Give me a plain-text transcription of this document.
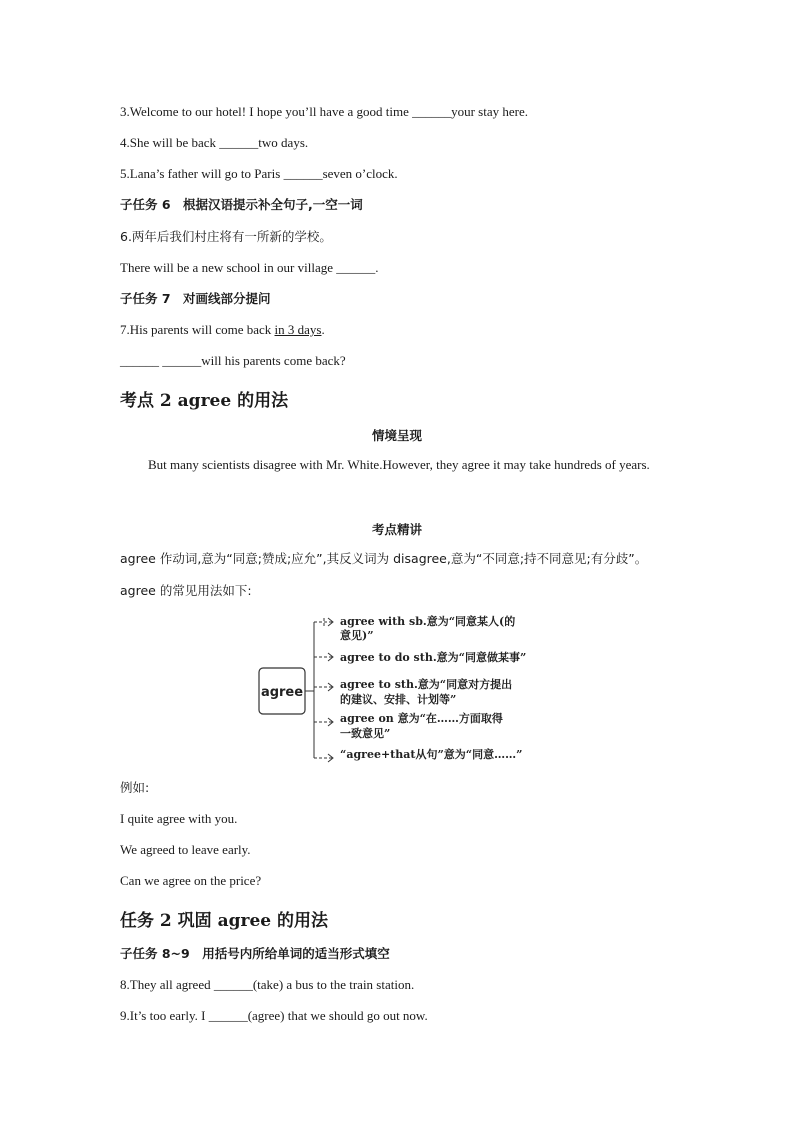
3.Welcome to our hotel! I hope you’ll have a good time ______your stay here.
4.She will be back ______two days.
5.Lana’s father will go to Paris ______seven o’clock.
子任务 6　根据汉语提示补全句子,一空一词
6.两年后我们村庄将有一所新的学校。
There will be a new school in our village ______.
子任务 7　对画线部分提问
7.His parents will come back in 3 days.
______ ______will his parents come back?
考点 2 agree 的用法
情境呈现
But many scientists disagree with Mr. White.However, they agree it may take hundreds of years.
考点精讲
agree 作动词,意为“同意;赞成;应允”,其反义词为 disagree,意为“不同意;持不同意见;有分歧”。
agree 的常见用法如下:
agree
agree with sb.意为“同意某人(的
意见)”
agree to do sth.意为“同意做某事”
agree to sth.意为“同意对方提出
的建议、安排、计划等”
agree on 意为“在……方面取得
一致意见”
“agree+that从句”意为“同意……”
例如:
I quite agree with you.
We agreed to leave early.
Can we agree on the price?
任务 2 巩固 agree 的用法
子任务 8~9　用括号内所给单词的适当形式填空
8.They all agreed ______(take) a bus to the train station.
9.It’s too early. I ______(agree) that we should go out now.
